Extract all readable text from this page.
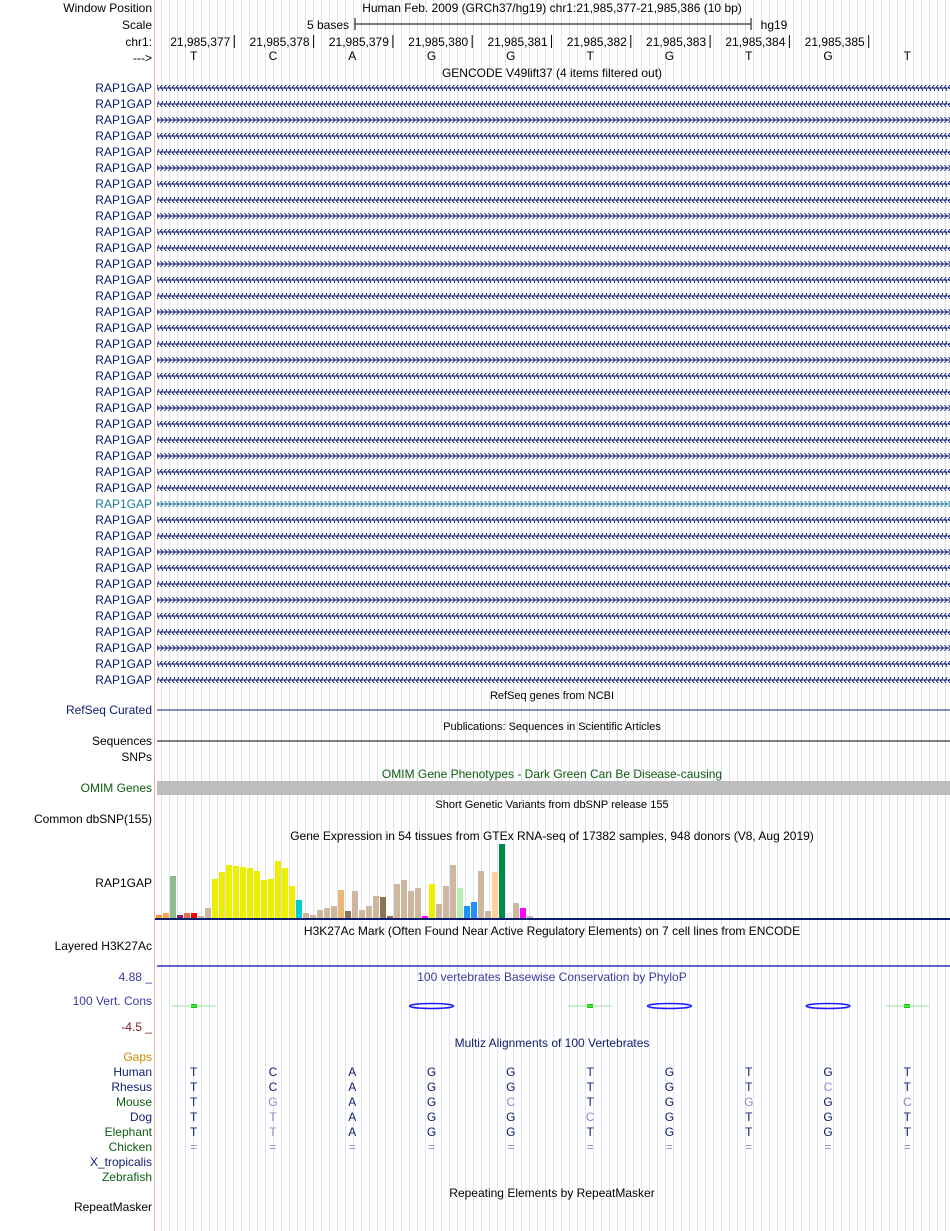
Window Position	Human Feb. 2009 (GRCh37/hg19) chr1:21,985,377-21,985,386 (10 bp)
Scale	5 bases	hg19
chr1:
--->
21,985,377 21,985,378 21,985,379 21,985,380 21,985,381 21,985,382 21,985,383 21,985,384 21,985,385
T	C	A	G	G	T	G	T	G	T
GENCODE V49lift37 (4 items filtered out)
RAP1GAP
RAP1GAP
RAP1GAP
RAP1GAP
RAP1GAP
RAP1GAP
RAP1GAP
RAP1GAP
RAP1GAP
RAP1GAP
RAP1GAP
RAP1GAP
RAP1GAP
RAP1GAP
RAP1GAP
RAP1GAP
RAP1GAP
RAP1GAP
RAP1GAP
RAP1GAP
RAP1GAP
RAP1GAP
RAP1GAP
RAP1GAP
RAP1GAP
RAP1GAP
RAP1GAP
RAP1GAP
RAP1GAP
RAP1GAP
RAP1GAP
RAP1GAP
RAP1GAP
RAP1GAP
RAP1GAP
RAP1GAP
RAP1GAP
RAP1GAP
RefSeq genes from NCBI
RefSeq Curated
Publications: Sequences in Scientific Articles
Sequences
SNPs
OMIM Gene Phenotypes - Dark Green Can Be Disease-causing
OMIM Genes
Short Genetic Variants from dbSNP release 155
Common dbSNP(155)
Gene Expression in 54 tissues from GTEx RNA-seq of 17382 samples, 948 donors (V8, Aug 2019)
RAP1GAP
H3K27Ac Mark (Often Found Near Active Regulatory Elements) on 7 cell lines from ENCODE
Layered H3K27Ac
100 vertebrates Basewise Conservation by PhyloP
4.88 _
100 Vert. Cons
-4.5 _
Multiz Alignments of 100 Vertebrates
Gaps
Human	T	C	A	G	G	T	G	T	G	T
Rhesus	T	C	A	G	G	T	G	T	C	T
Mouse	T	G	A	G	C	T	G	G	G	C
Dog	T	T	A	G	G	C	G	T	G	T
Elephant	T	T	A	G	G	T	G	T	G	T
Chicken	=	=	=	=	=	=	=	=	=	=
X_tropicalis
Zebrafish
Repeating Elements by RepeatMasker
RepeatMasker
